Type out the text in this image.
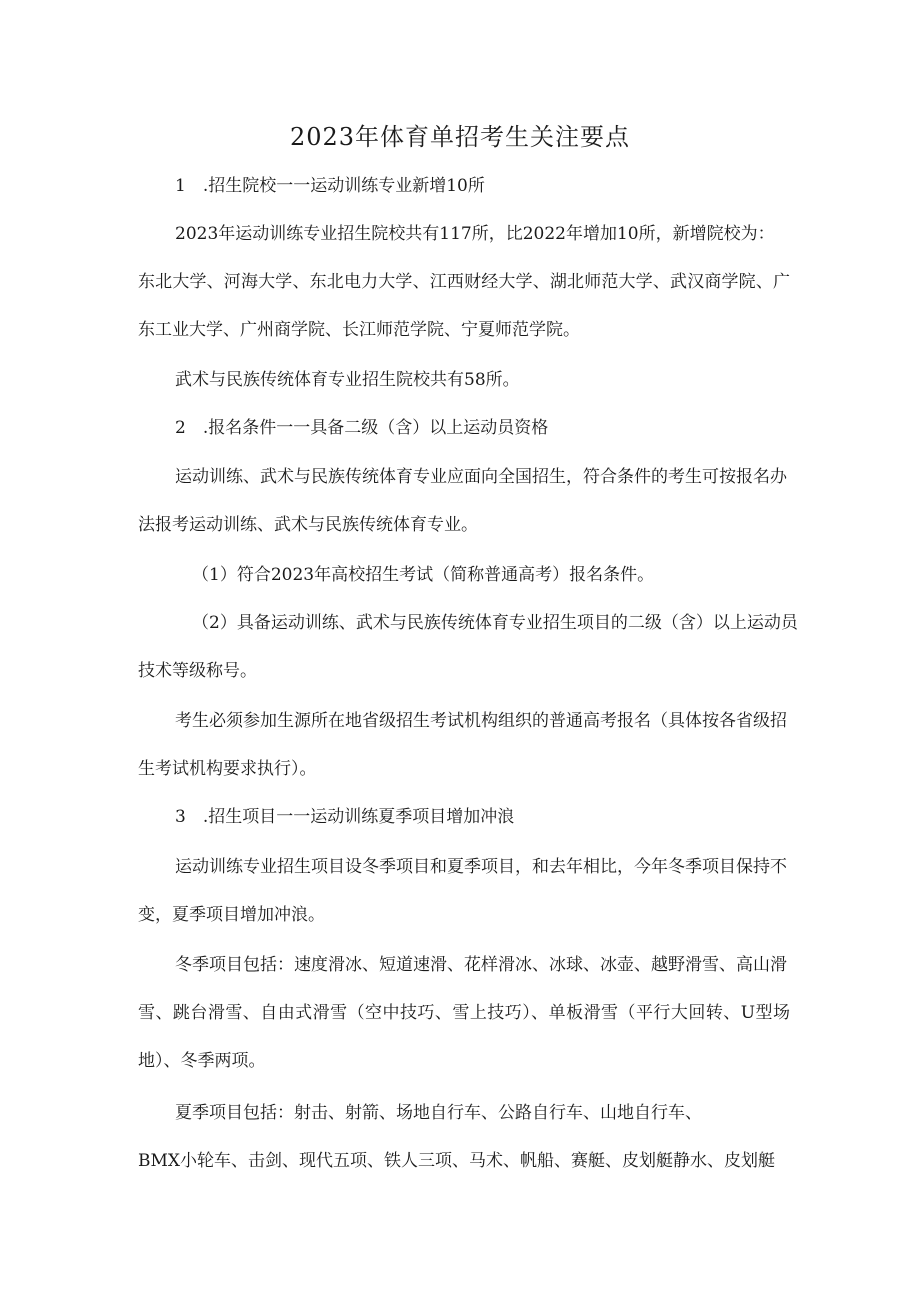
2023年体育单招考生关注要点
1　.招生院校一一运动训练专业新增10所
2023年运动训练专业招生院校共有117所，比2022年增加10所，新增院校为：
东北大学、河海大学、东北电力大学、江西财经大学、湖北师范大学、武汉商学院、广
东工业大学、广州商学院、长江师范学院、宁夏师范学院。
武术与民族传统体育专业招生院校共有58所。
2　.报名条件一一具备二级（含）以上运动员资格
运动训练、武术与民族传统体育专业应面向全国招生，符合条件的考生可按报名办
法报考运动训练、武术与民族传统体育专业。
（1）符合2023年高校招生考试（简称普通高考）报名条件。
（2）具备运动训练、武术与民族传统体育专业招生项目的二级（含）以上运动员
技术等级称号。
考生必须参加生源所在地省级招生考试机构组织的普通高考报名（具体按各省级招
生考试机构要求执行）。
3　.招生项目一一运动训练夏季项目增加冲浪
运动训练专业招生项目设冬季项目和夏季项目，和去年相比，今年冬季项目保持不
变，夏季项目增加冲浪。
冬季项目包括：速度滑冰、短道速滑、花样滑冰、冰球、冰壶、越野滑雪、高山滑
雪、跳台滑雪、自由式滑雪（空中技巧、雪上技巧）、单板滑雪（平行大回转、U型场
地）、冬季两项。
夏季项目包括：射击、射箭、场地自行车、公路自行车、山地自行车、
BMX小轮车、击剑、现代五项、铁人三项、马术、帆船、赛艇、皮划艇静水、皮划艇
